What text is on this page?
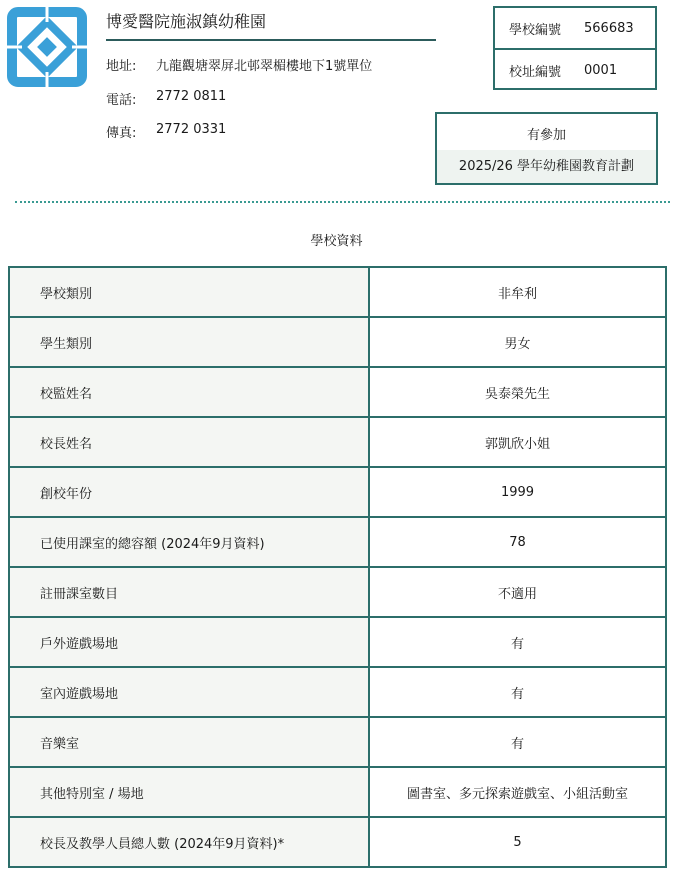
博愛醫院施淑鎮幼稚園
地址:	九龍觀塘翠屏北邨翠楣樓地下1號單位
電話:	2772 0811
傳真:	2772 0331
學校編號	566683
校址編號	0001
有參加
2025/26 學年幼稚園教育計劃
學校資料
學校類別	非牟利
學生類別	男女
校監姓名	吳泰榮先生
校長姓名	郭凱欣小姐
創校年份	1999
已使用課室的總容額 (2024年9月資料)	78
註冊課室數目	不適用
戶外遊戲場地	有
室內遊戲場地	有
音樂室	有
其他特別室 / 場地	圖書室、多元探索遊戲室、小組活動室
校長及教學人員總人數 (2024年9月資料)*	5
